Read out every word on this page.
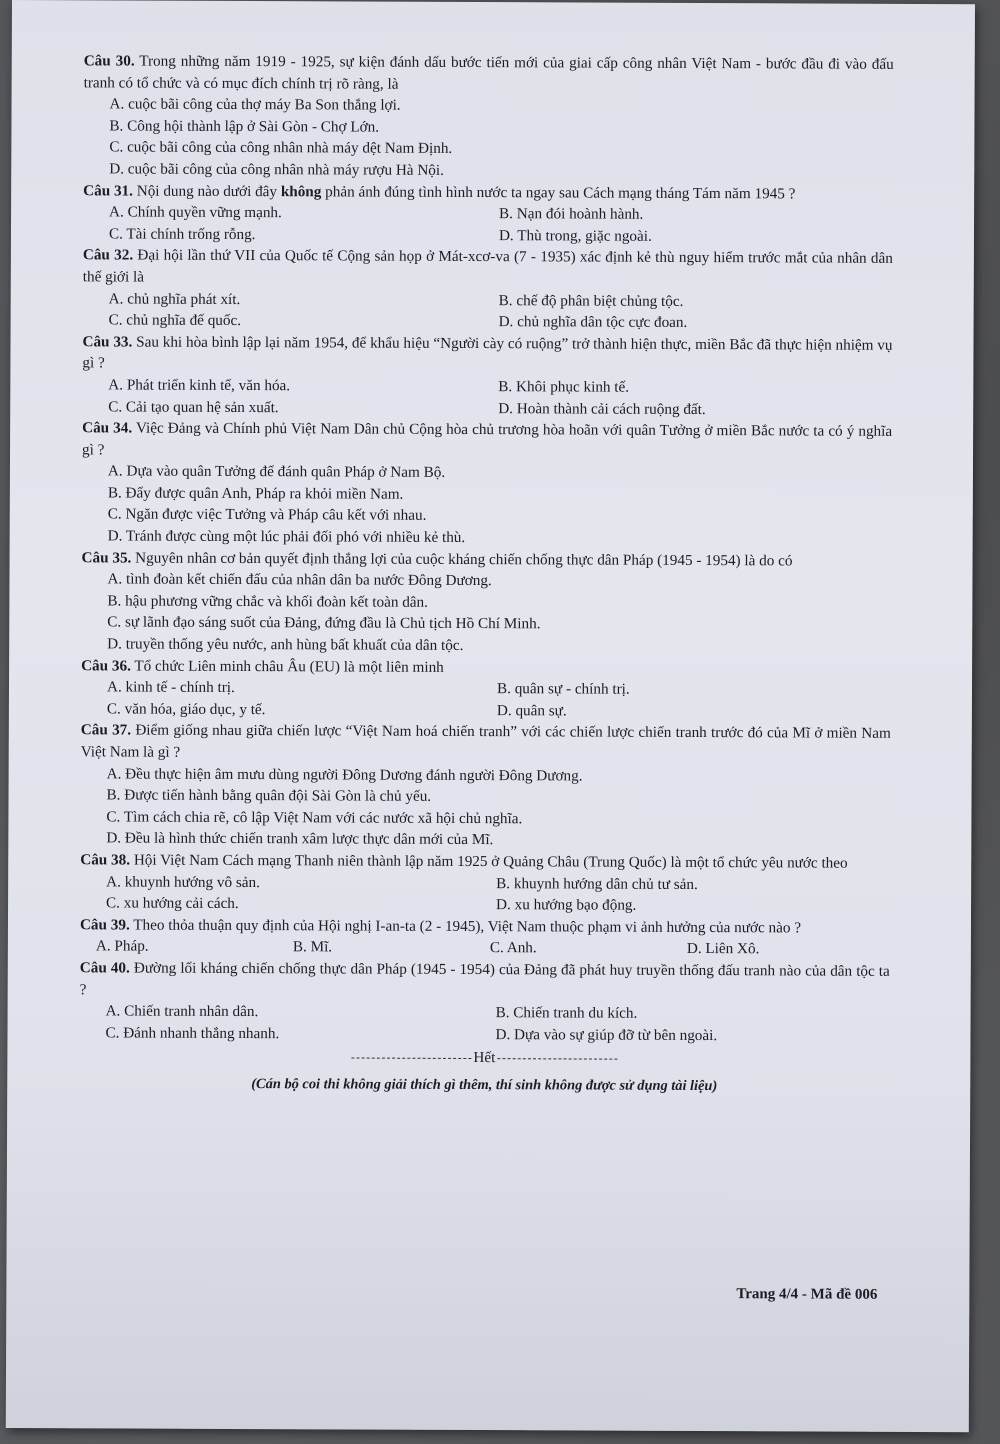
Câu 30. Trong những năm 1919 - 1925, sự kiện đánh dấu bước tiến mới của giai cấp công nhân Việt Nam - bước đầu đi vào đấu tranh có tổ chức và có mục đích chính trị rõ ràng, là

A. cuộc bãi công của thợ máy Ba Son thắng lợi.

B. Công hội thành lập ở Sài Gòn - Chợ Lớn.

C. cuộc bãi công của công nhân nhà máy dệt Nam Định.

D. cuộc bãi công của công nhân nhà máy rượu Hà Nội.

Câu 31. Nội dung nào dưới đây không phản ánh đúng tình hình nước ta ngay sau Cách mạng tháng Tám năm 1945 ?

A. Chính quyền vững mạnh.	B. Nạn đói hoành hành.
C. Tài chính trống rỗng.	D. Thù trong, giặc ngoài.

Câu 32. Đại hội lần thứ VII của Quốc tế Cộng sản họp ở Mát-xcơ-va (7 - 1935) xác định kẻ thù nguy hiểm trước mắt của nhân dân thế giới là

A. chủ nghĩa phát xít.	B. chế độ phân biệt chủng tộc.
C. chủ nghĩa đế quốc.	D. chủ nghĩa dân tộc cực đoan.

Câu 33. Sau khi hòa bình lập lại năm 1954, để khẩu hiệu “Người cày có ruộng” trở thành hiện thực, miền Bắc đã thực hiện nhiệm vụ gì ?

A. Phát triển kinh tế, văn hóa.	B. Khôi phục kinh tế.
C. Cải tạo quan hệ sản xuất.	D. Hoàn thành cải cách ruộng đất.

Câu 34. Việc Đảng và Chính phủ Việt Nam Dân chủ Cộng hòa chủ trương hòa hoãn với quân Tưởng ở miền Bắc nước ta có ý nghĩa gì ?

A. Dựa vào quân Tưởng để đánh quân Pháp ở Nam Bộ.

B. Đẩy được quân Anh, Pháp ra khỏi miền Nam.

C. Ngăn được việc Tưởng và Pháp câu kết với nhau.

D. Tránh được cùng một lúc phải đối phó với nhiều kẻ thù.

Câu 35. Nguyên nhân cơ bản quyết định thắng lợi của cuộc kháng chiến chống thực dân Pháp (1945 - 1954) là do có

A. tình đoàn kết chiến đấu của nhân dân ba nước Đông Dương.

B. hậu phương vững chắc và khối đoàn kết toàn dân.

C. sự lãnh đạo sáng suốt của Đảng, đứng đầu là Chủ tịch Hồ Chí Minh.

D. truyền thống yêu nước, anh hùng bất khuất của dân tộc.

Câu 36. Tổ chức Liên minh châu Âu (EU) là một liên minh

A. kinh tế - chính trị.	B. quân sự - chính trị.
C. văn hóa, giáo dục, y tế.	D. quân sự.

Câu 37. Điểm giống nhau giữa chiến lược “Việt Nam hoá chiến tranh” với các chiến lược chiến tranh trước đó của Mĩ ở miền Nam Việt Nam là gì ?

A. Đều thực hiện âm mưu dùng người Đông Dương đánh người Đông Dương.

B. Được tiến hành bằng quân đội Sài Gòn là chủ yếu.

C. Tìm cách chia rẽ, cô lập Việt Nam với các nước xã hội chủ nghĩa.

D. Đều là hình thức chiến tranh xâm lược thực dân mới của Mĩ.

Câu 38. Hội Việt Nam Cách mạng Thanh niên thành lập năm 1925 ở Quảng Châu (Trung Quốc) là một tổ chức yêu nước theo

A. khuynh hướng vô sản.	B. khuynh hướng dân chủ tư sản.
C. xu hướng cải cách.	D. xu hướng bạo động.

Câu 39. Theo thỏa thuận quy định của Hội nghị I-an-ta (2 - 1945), Việt Nam thuộc phạm vi ảnh hưởng của nước nào ?

A. Pháp.	B. Mĩ.	C. Anh.	D. Liên Xô.

Câu 40. Đường lối kháng chiến chống thực dân Pháp (1945 - 1954) của Đảng đã phát huy truyền thống đấu tranh nào của dân tộc ta ?

A. Chiến tranh nhân dân.	B. Chiến tranh du kích.
C. Đánh nhanh thắng nhanh.	D. Dựa vào sự giúp đỡ từ bên ngoài.
Hết

(Cán bộ coi thi không giải thích gì thêm, thí sinh không được sử dụng tài liệu)

Trang 4/4 - Mã đề 006
